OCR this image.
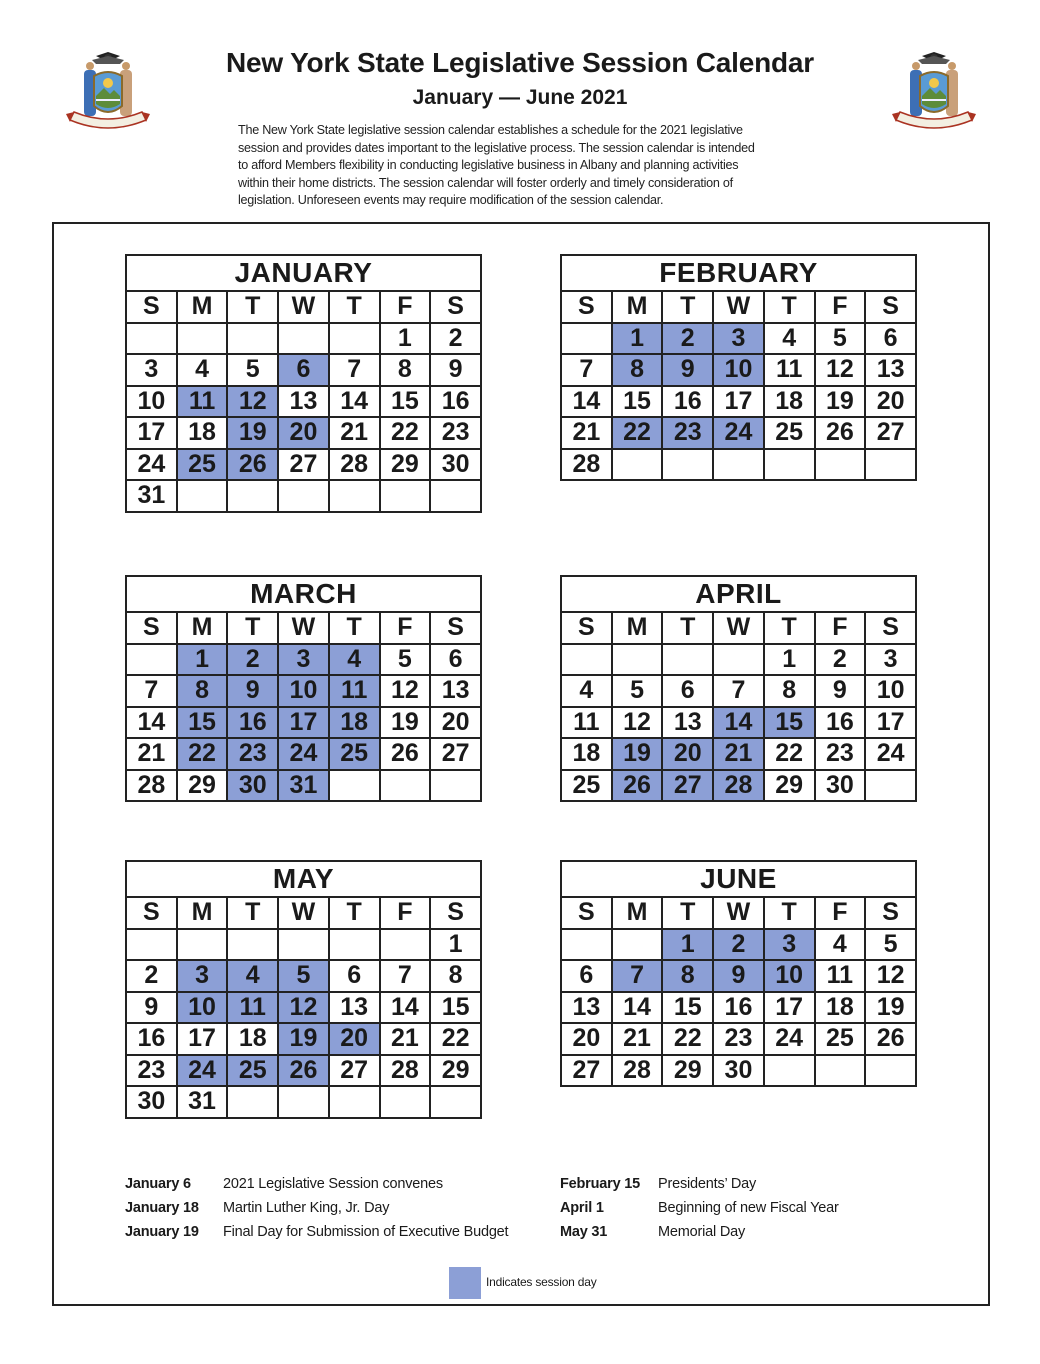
New York State Legislative Session Calendar
January — June 2021
The New York State legislative session calendar establishes a schedule for the 2021 legislative
session and provides dates important to the legislative process. The session calendar is intended
to afford Members flexibility in conducting legislative business in Albany and planning activities
within their home districts. The session calendar will foster orderly and timely consideration of
legislation. Unforeseen events may require modification of the session calendar.
JANUARY						
S	M	T	W	T	F	S
					1	2
3	4	5	6	7	8	9
10	11	12	13	14	15	16
17	18	19	20	21	22	23
24	25	26	27	28	29	30
31						
FEBRUARY						
S	M	T	W	T	F	S
	1	2	3	4	5	6
7	8	9	10	11	12	13
14	15	16	17	18	19	20
21	22	23	24	25	26	27
28						
MARCH						
S	M	T	W	T	F	S
	1	2	3	4	5	6
7	8	9	10	11	12	13
14	15	16	17	18	19	20
21	22	23	24	25	26	27
28	29	30	31			
APRIL						
S	M	T	W	T	F	S
				1	2	3
4	5	6	7	8	9	10
11	12	13	14	15	16	17
18	19	20	21	22	23	24
25	26	27	28	29	30	
MAY						
S	M	T	W	T	F	S
						1
2	3	4	5	6	7	8
9	10	11	12	13	14	15
16	17	18	19	20	21	22
23	24	25	26	27	28	29
30	31					
JUNE						
S	M	T	W	T	F	S
		1	2	3	4	5
6	7	8	9	10	11	12
13	14	15	16	17	18	19
20	21	22	23	24	25	26
27	28	29	30			
January 6 2021 Legislative Session convenes
January 18 Martin Luther King, Jr. Day
January 19 Final Day for Submission of Executive Budget
February 15 Presidents’ Day
April 1	Beginning of new Fiscal Year
May 31	Memorial Day
Indicates session day
